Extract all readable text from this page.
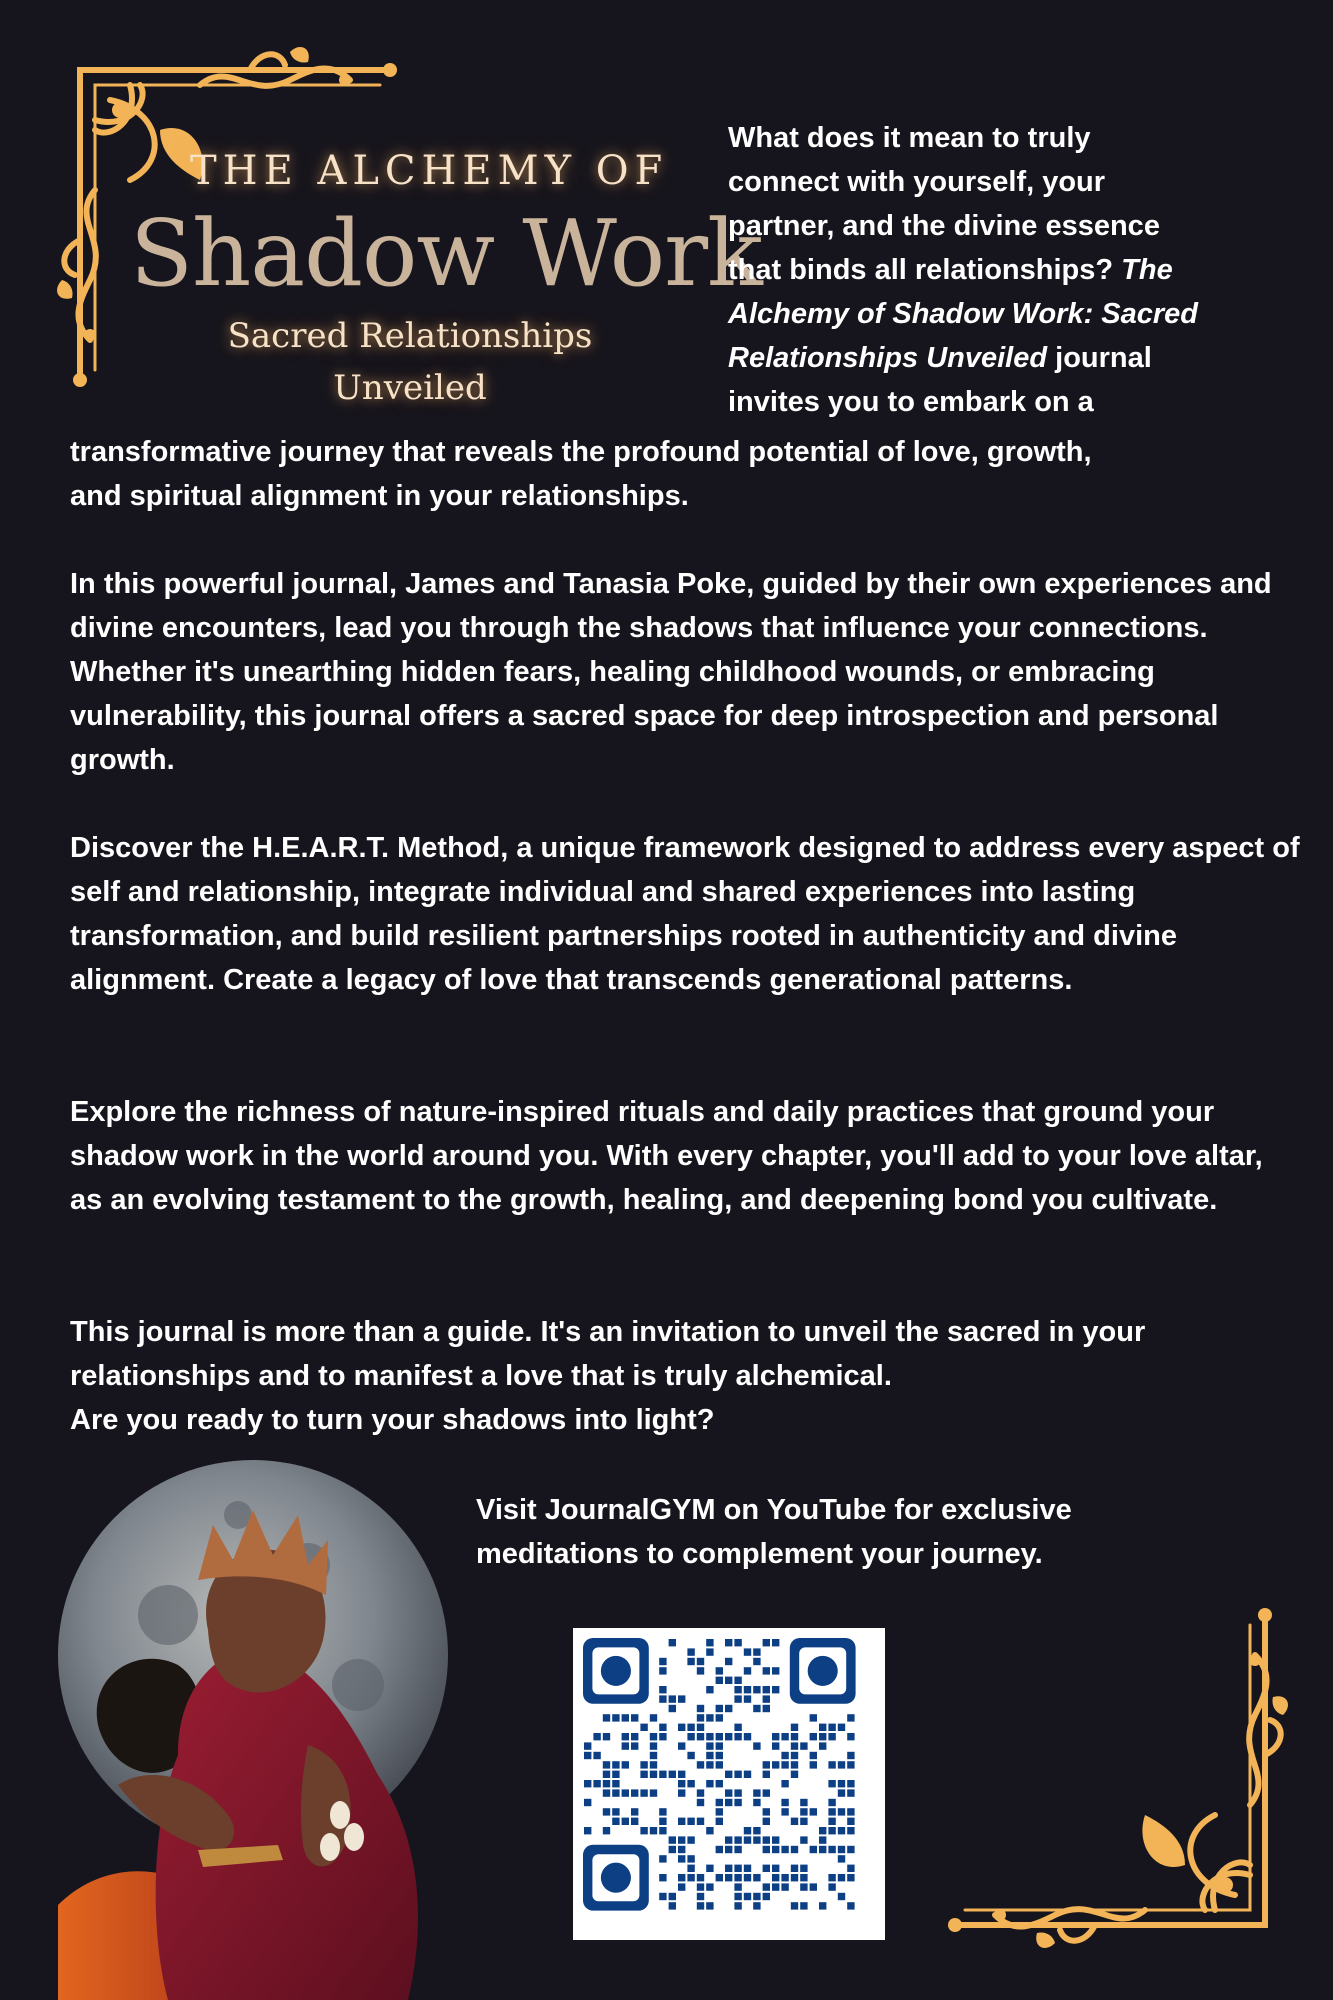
THE ALCHEMY OF
Shadow Work
Sacred Relationships
Unveiled
What does it mean to truly
connect with yourself, your
partner, and the divine essence
that binds all relationships? The
Alchemy of Shadow Work: Sacred
Relationships Unveiled journal
invites you to embark on a
transformative journey that reveals the profound potential of love, growth,
and spiritual alignment in your relationships.
In this powerful journal, James and Tanasia Poke, guided by their own experiences and divine encounters, lead you through the shadows that influence your connections. Whether it's unearthing hidden fears, healing childhood wounds, or embracing vulnerability, this journal offers a sacred space for deep introspection and personal growth.
Discover the H.E.A.R.T. Method, a unique framework designed to address every aspect of self and relationship, integrate individual and shared experiences into lasting transformation, and build resilient partnerships rooted in authenticity and divine alignment. Create a legacy of love that transcends generational patterns.
Explore the richness of nature-inspired rituals and daily practices that ground your shadow work in the world around you. With every chapter, you'll add to your love altar, as an evolving testament to the growth, healing, and deepening bond you cultivate.
This journal is more than a guide. It's an invitation to unveil the sacred in your relationships and to manifest a love that is truly alchemical.
Are you ready to turn your shadows into light?
Visit JournalGYM on YouTube for exclusive
meditations to complement your journey.
